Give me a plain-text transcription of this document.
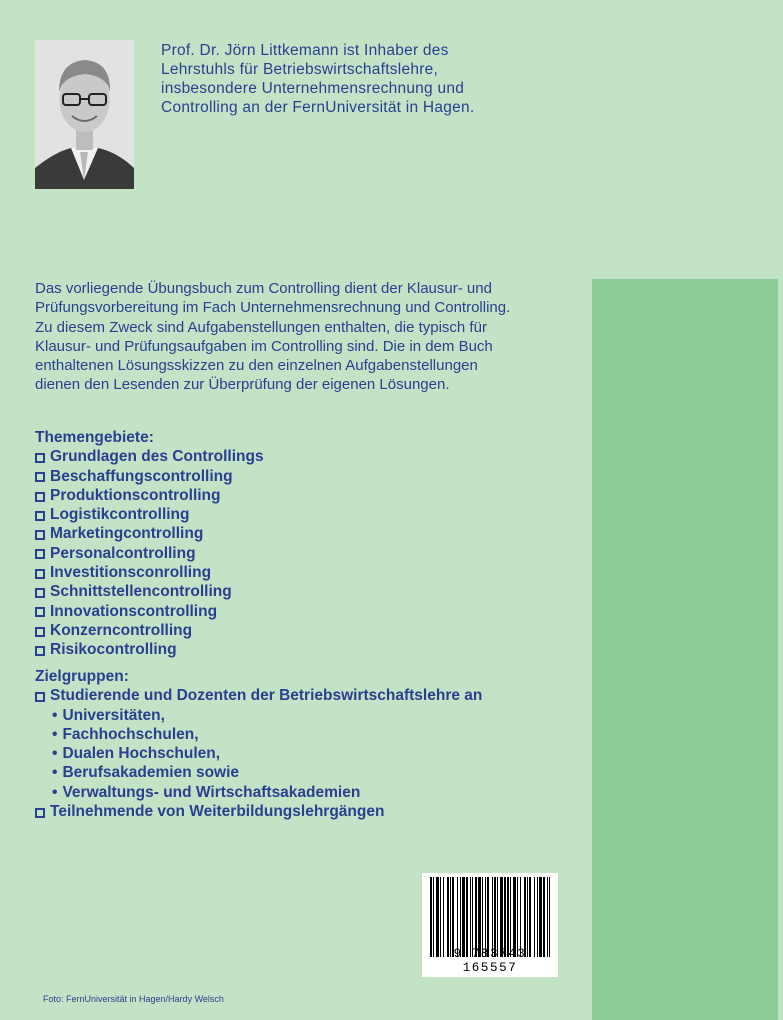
Prof. Dr. Jörn Littkemann ist Inhaber des
Lehrstuhls für Betriebswirtschaftslehre,
insbesondere Unternehmensrechnung und
Controlling an der FernUniversität in Hagen.
Das vorliegende Übungsbuch zum Controlling dient der Klausur- und
Prüfungsvorbereitung im Fach Unternehmensrechnung und Controlling.
Zu diesem Zweck sind Aufgabenstellungen enthalten, die typisch für
Klausur- und Prüfungsaufgaben im Controlling sind. Die in dem Buch
enthaltenen Lösungsskizzen zu den einzelnen Aufgabenstellungen
dienen den Lesenden zur Überprüfung der eigenen Lösungen.
Themengebiete:
Grundlagen des Controllings
Beschaffungscontrolling
Produktionscontrolling
Logistikcontrolling
Marketingcontrolling
Personalcontrolling
Investitionsconrolling
Schnittstellencontrolling
Innovationscontrolling
Konzerncontrolling
Risikocontrolling
Zielgruppen:
Studierende und Dozenten der Betriebswirtschaftslehre an
• Universitäten,
• Fachhochschulen,
• Dualen Hochschulen,
• Berufsakademien sowie
• Verwaltungs- und Wirtschaftsakademien
Teilnehmende von Weiterbildungslehrgängen
9 783743 165557
Foto: FernUniversität in Hagen/Hardy Welsch
